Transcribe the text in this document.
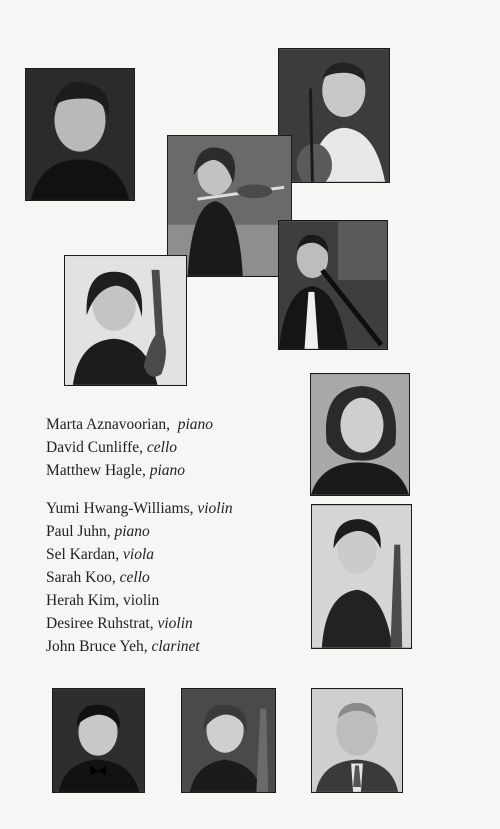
Marta Aznavoorian, piano
David Cunliffe, cello
Matthew Hagle, piano
Yumi Hwang-Williams, violin
Paul Juhn, piano
Sel Kardan, viola
Sarah Koo, cello
Herah Kim, violin
Desiree Ruhstrat, violin
John Bruce Yeh, clarinet
